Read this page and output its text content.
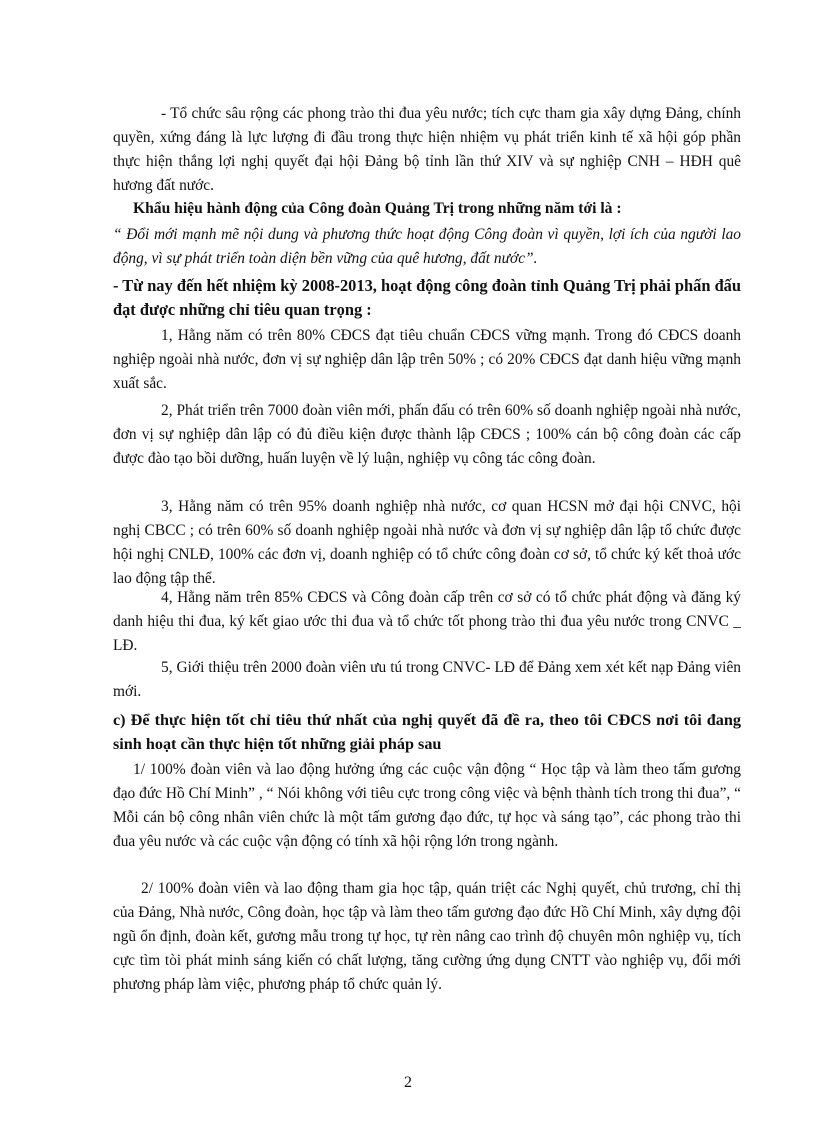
- Tổ chức sâu rộng các phong trào thi đua yêu nước; tích cực tham gia xây dựng Đảng, chính quyền, xứng đáng là lực lượng đi đầu trong thực hiện nhiệm vụ phát triển kinh tế xã hội góp phần thực hiện thắng lợi nghị quyết đại hội Đảng bộ tỉnh lần thứ XIV và sự nghiệp CNH – HĐH quê hương đất nước.

Khẩu hiệu hành động của Công đoàn Quảng Trị trong những năm tới là :

“ Đổi mới mạnh mẽ nội dung và phương thức hoạt động Công đoàn vì quyền, lợi ích của người lao động, vì sự phát triển toàn diện bền vững của quê hương, đất nước”.

- Từ nay đến hết nhiệm kỳ 2008-2013, hoạt động công đoàn tỉnh Quảng Trị phải phấn đấu đạt được những chỉ tiêu quan trọng :

1, Hằng năm có trên 80% CĐCS đạt tiêu chuẩn CĐCS vững mạnh. Trong đó CĐCS doanh nghiệp ngoài nhà nước, đơn vị sự nghiệp dân lập trên 50% ; có 20% CĐCS đạt danh hiệu vững mạnh xuất sắc.

2, Phát triển trên 7000 đoàn viên mới, phấn đấu có trên 60% số doanh nghiệp ngoài nhà nước, đơn vị sự nghiệp dân lập có đủ điều kiện được thành lập CĐCS ; 100% cán bộ công đoàn các cấp được đào tạo bồi dưỡng, huấn luyện về lý luận, nghiệp vụ công tác công đoàn.

3, Hằng năm có trên 95% doanh nghiệp nhà nước, cơ quan HCSN mở đại hội CNVC, hội nghị CBCC ; có trên 60% số doanh nghiệp ngoài nhà nước và đơn vị sự nghiệp dân lập tổ chức được hội nghị CNLĐ, 100% các đơn vị, doanh nghiệp có tổ chức công đoàn cơ sở, tổ chức ký kết thoả ước lao động tập thể.

4, Hằng năm trên 85% CĐCS và Công đoàn cấp trên cơ sở có tổ chức phát động và đăng ký danh hiệu thi đua, ký kết giao ước thi đua và tổ chức tốt phong trào thi đua yêu nước trong CNVC _ LĐ.

5, Giới thiệu trên 2000 đoàn viên ưu tú trong CNVC- LĐ để Đảng xem xét kết nạp Đảng viên mới.

c) Để thực hiện tốt chỉ tiêu thứ nhất của nghị quyết đã đề ra, theo tôi CĐCS nơi tôi đang sinh hoạt cần thực hiện tốt những giải pháp sau

1/ 100% đoàn viên và lao động hưởng ứng các cuộc vận động “ Học tập và làm theo tấm gương đạo đức Hồ Chí Minh” , “ Nói không với tiêu cực trong công việc và bệnh thành tích trong thi đua”, “ Mỗi cán bộ công nhân viên chức là một tấm gương đạo đức, tự học và sáng tạo”, các phong trào thi đua yêu nước và các cuộc vận động có tính xã hội rộng lớn trong ngành.

2/ 100% đoàn viên và lao động tham gia học tập, quán triệt các Nghị quyết, chủ trương, chỉ thị của Đảng, Nhà nước, Công đoàn, học tập và làm theo tấm gương đạo đức Hồ Chí Minh, xây dựng đội ngũ ổn định, đoàn kết, gương mẫu trong tự học, tự rèn nâng cao trình độ chuyên môn nghiệp vụ, tích cực tìm tòi phát minh sáng kiến có chất lượng, tăng cường ứng dụng CNTT vào nghiệp vụ, đổi mới phương pháp làm việc, phương pháp tổ chức quản lý.

2
